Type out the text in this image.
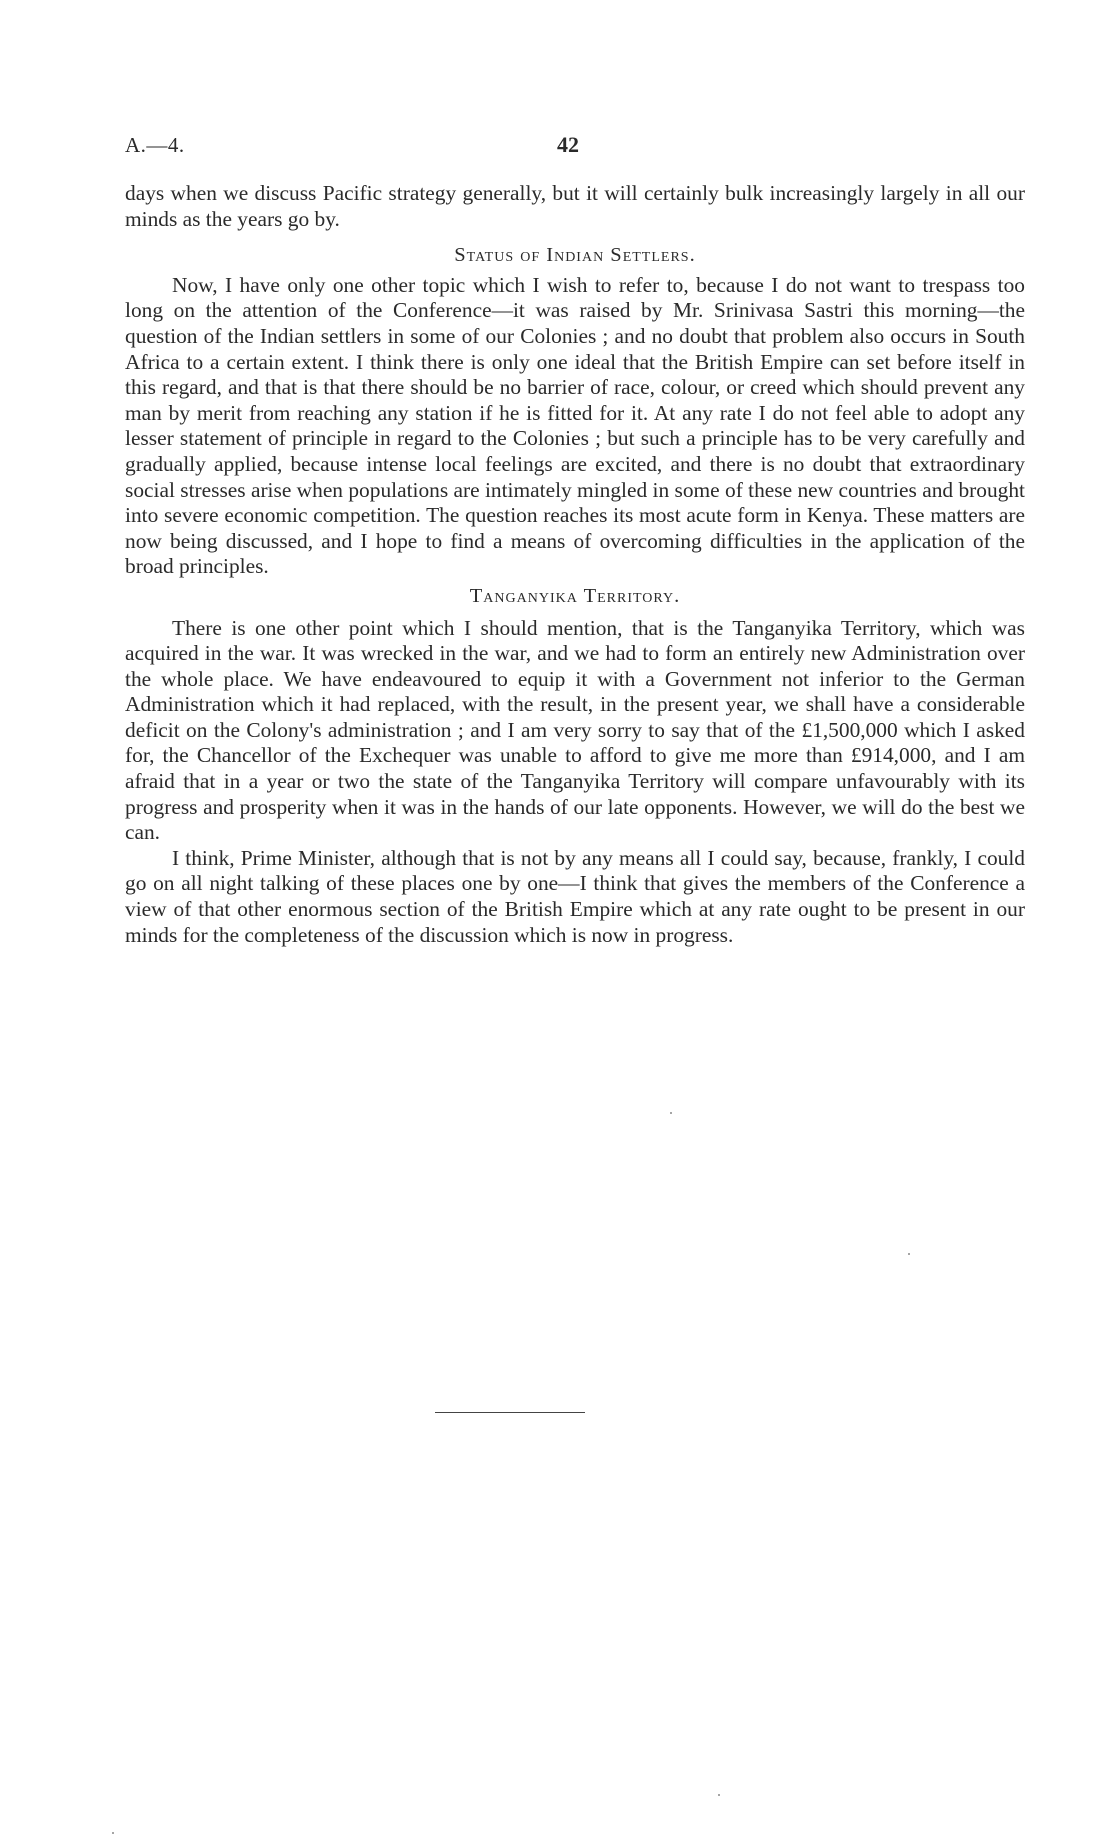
A.—4.	42

days when we discuss Pacific strategy generally, but it will certainly bulk increasingly largely in all our minds as the years go by.

Status of Indian Settlers.

Now, I have only one other topic which I wish to refer to, because I do not want to trespass too long on the attention of the Conference—it was raised by Mr. Srinivasa Sastri this morning—the question of the Indian settlers in some of our Colonies ; and no doubt that problem also occurs in South Africa to a certain extent. I think there is only one ideal that the British Empire can set before itself in this regard, and that is that there should be no barrier of race, colour, or creed which should prevent any man by merit from reaching any station if he is fitted for it. At any rate I do not feel able to adopt any lesser statement of principle in regard to the Colonies ; but such a principle has to be very carefully and gradually applied, because intense local feelings are excited, and there is no doubt that extraordinary social stresses arise when populations are intimately mingled in some of these new countries and brought into severe economic competition. The question reaches its most acute form in Kenya. These matters are now being discussed, and I hope to find a means of overcoming difficulties in the application of the broad principles.

Tanganyika Territory.

There is one other point which I should mention, that is the Tanganyika Territory, which was acquired in the war. It was wrecked in the war, and we had to form an entirely new Administration over the whole place. We have endeavoured to equip it with a Government not inferior to the German Administration which it had replaced, with the result, in the present year, we shall have a considerable deficit on the Colony's administration ; and I am very sorry to say that of the £1,500,000 which I asked for, the Chancellor of the Exchequer was unable to afford to give me more than £914,000, and I am afraid that in a year or two the state of the Tanganyika Territory will compare unfavourably with its progress and prosperity when it was in the hands of our late opponents. However, we will do the best we can.

I think, Prime Minister, although that is not by any means all I could say, because, frankly, I could go on all night talking of these places one by one—I think that gives the members of the Conference a view of that other enormous section of the British Empire which at any rate ought to be present in our minds for the completeness of the discussion which is now in progress.
